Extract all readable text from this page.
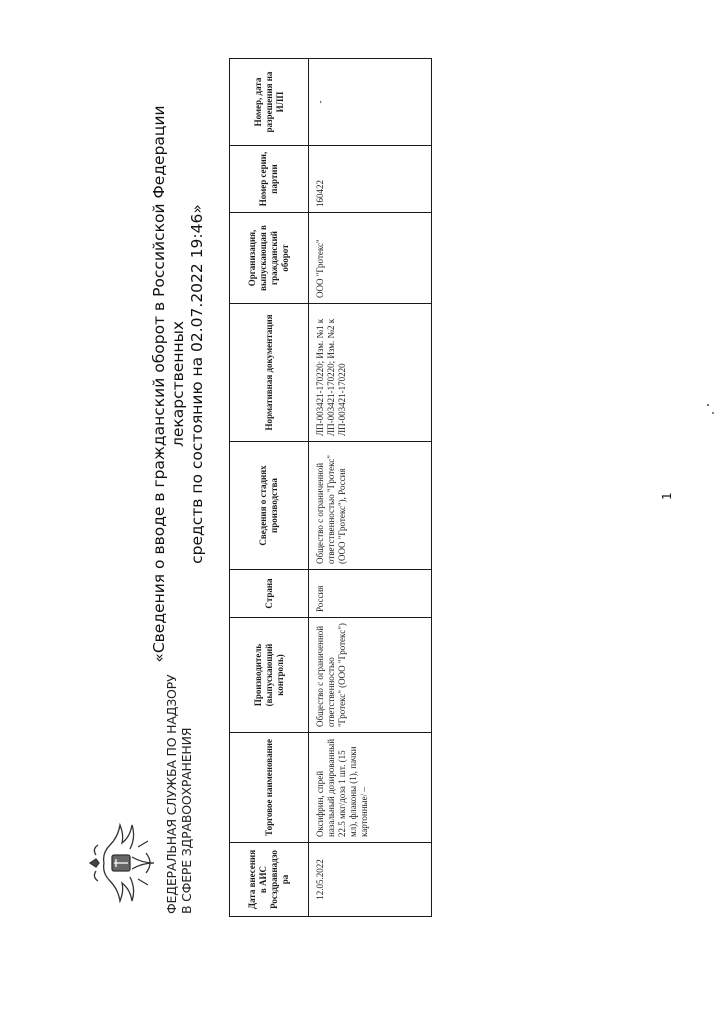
ФЕДЕРАЛЬНАЯ СЛУЖБА ПО НАДЗОРУ В СФЕРЕ ЗДРАВООХРАНЕНИЯ
«Сведения о вводе в гражданский оборот в Российской Федерации лекарственных средств по состоянию на 02.07.2022 19:46»
Дата внесения в АИС Росздравнадзора	Торговое наименование	Производитель (выпускающий контроль)	Страна	Сведения о стадиях производства	Нормативная документация	Организация, выпускающая в гражданский оборот	Номер серии, партии	Номер, дата разрешения на ИЛП
12.05.2022	Оксифрин, спрей назальный дозированный 22.5 мкг/доза 1 шт. (15 мл), флаконы (1), пачки картонные/ –	Общество с ограниченной ответственностью "Гротекс" (ООО "Гротекс")	Россия	Общество с ограниченной ответственностью "Гротекс" (ООО "Гротекс"), Россия	ЛП-003421-170220; Изм. №1 к ЛП-003421-170220; Изм. №2 к ЛП-003421-170220	ООО "Гротекс"	160422	-
1
